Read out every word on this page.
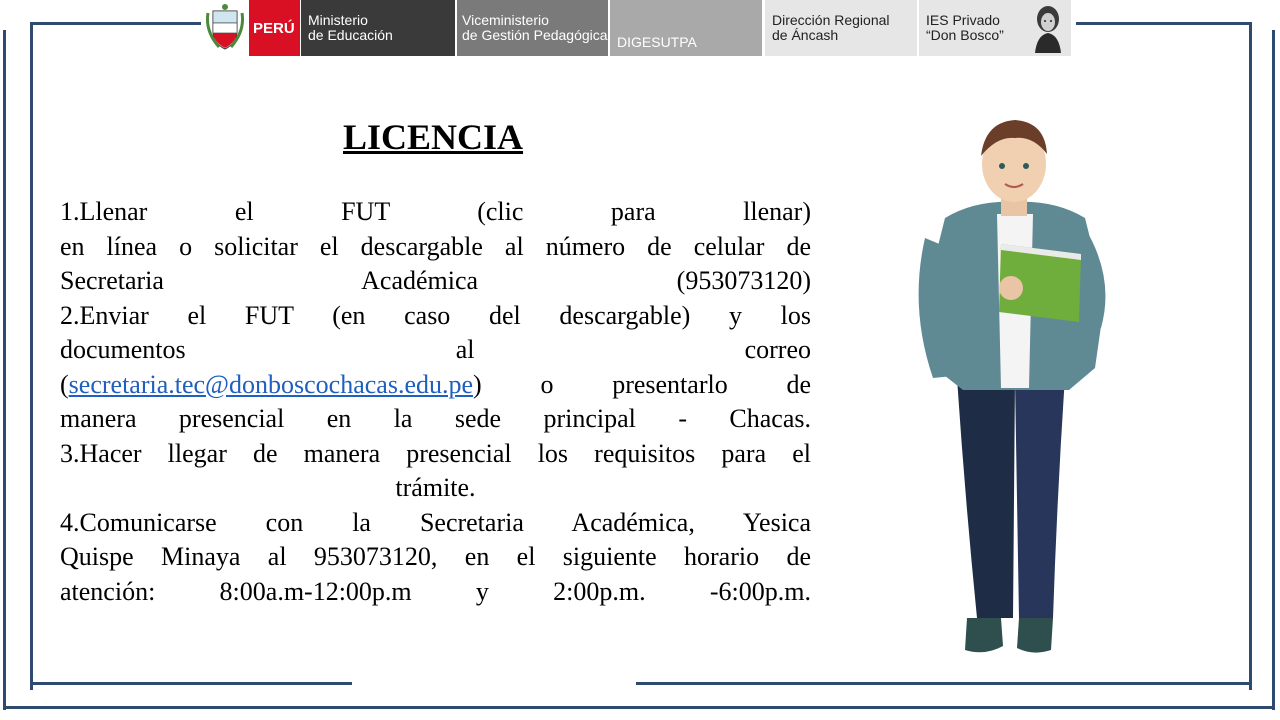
PERÚ Ministerio
de Educación
Viceministerio
de Gestión Pedagógica DIGESUTPA
Dirección Regional
de Áncash
IES Privado
“Don Bosco”
LICENCIA

1.Llenar el FUT (clic para llenar)

en línea o solicitar el descargable al número de celular de

Secretaria Académica (953073120)

2.Enviar el FUT (en caso del descargable) y los

documentos al correo

(secretaria.tec@donboscochacas.edu.pe) o presentarlo de

manera presencial en la sede principal - Chacas.

3.Hacer llegar de manera presencial los requisitos para el

trámite.

4.Comunicarse con la Secretaria Académica, Yesica

Quispe Minaya al 953073120, en el siguiente horario de

atención: 8:00a.m-12:00p.m y 2:00p.m. -6:00p.m.
